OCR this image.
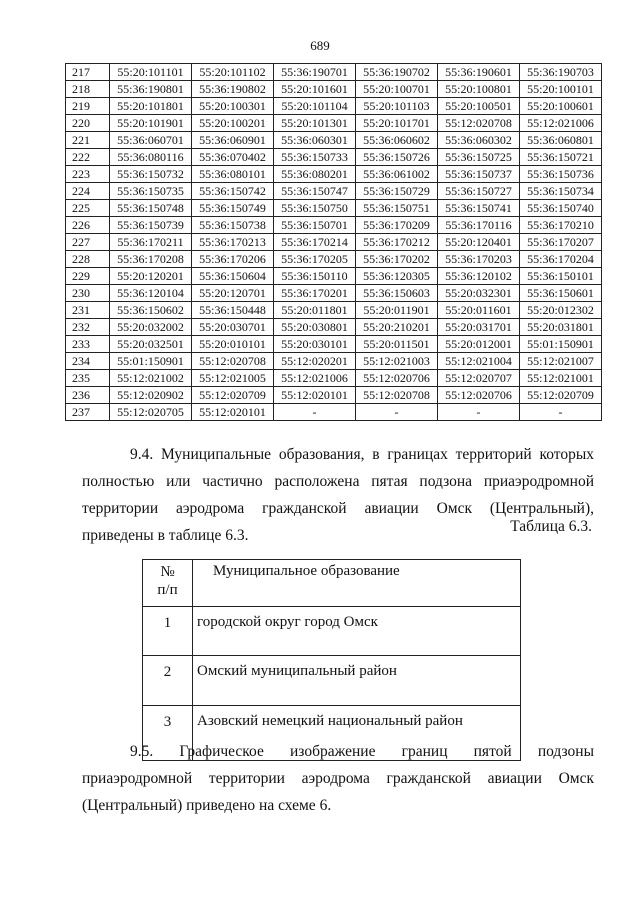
689
217	55:20:101101	55:20:101102	55:36:190701	55:36:190702	55:36:190601	55:36:190703
218	55:36:190801	55:36:190802	55:20:101601	55:20:100701	55:20:100801	55:20:100101
219	55:20:101801	55:20:100301	55:20:101104	55:20:101103	55:20:100501	55:20:100601
220	55:20:101901	55:20:100201	55:20:101301	55:20:101701	55:12:020708	55:12:021006
221	55:36:060701	55:36:060901	55:36:060301	55:36:060602	55:36:060302	55:36:060801
222	55:36:080116	55:36:070402	55:36:150733	55:36:150726	55:36:150725	55:36:150721
223	55:36:150732	55:36:080101	55:36:080201	55:36:061002	55:36:150737	55:36:150736
224	55:36:150735	55:36:150742	55:36:150747	55:36:150729	55:36:150727	55:36:150734
225	55:36:150748	55:36:150749	55:36:150750	55:36:150751	55:36:150741	55:36:150740
226	55:36:150739	55:36:150738	55:36:150701	55:36:170209	55:36:170116	55:36:170210
227	55:36:170211	55:36:170213	55:36:170214	55:36:170212	55:20:120401	55:36:170207
228	55:36:170208	55:36:170206	55:36:170205	55:36:170202	55:36:170203	55:36:170204
229	55:20:120201	55:36:150604	55:36:150110	55:36:120305	55:36:120102	55:36:150101
230	55:36:120104	55:20:120701	55:36:170201	55:36:150603	55:20:032301	55:36:150601
231	55:36:150602	55:36:150448	55:20:011801	55:20:011901	55:20:011601	55:20:012302
232	55:20:032002	55:20:030701	55:20:030801	55:20:210201	55:20:031701	55:20:031801
233	55:20:032501	55:20:010101	55:20:030101	55:20:011501	55:20:012001	55:01:150901
234	55:01:150901	55:12:020708	55:12:020201	55:12:021003	55:12:021004	55:12:021007
235	55:12:021002	55:12:021005	55:12:021006	55:12:020706	55:12:020707	55:12:021001
236	55:12:020902	55:12:020709	55:12:020101	55:12:020708	55:12:020706	55:12:020709
237	55:12:020705	55:12:020101	-	-	-	-
9.4. Муниципальные образования, в границах территорий которых полностью или частично расположена пятая подзона приаэродромной территории аэродрома гражданской авиации Омск (Центральный), приведены в таблице 6.3.
Таблица 6.3.
№
п/п	Муниципальное образование
1	городской округ город Омск
2	Омский муниципальный район
3	Азовский немецкий национальный район
9.5. Графическое изображение границ пятой подзоны приаэродромной территории аэродрома гражданской авиации Омск (Центральный) приведено на схеме 6.
